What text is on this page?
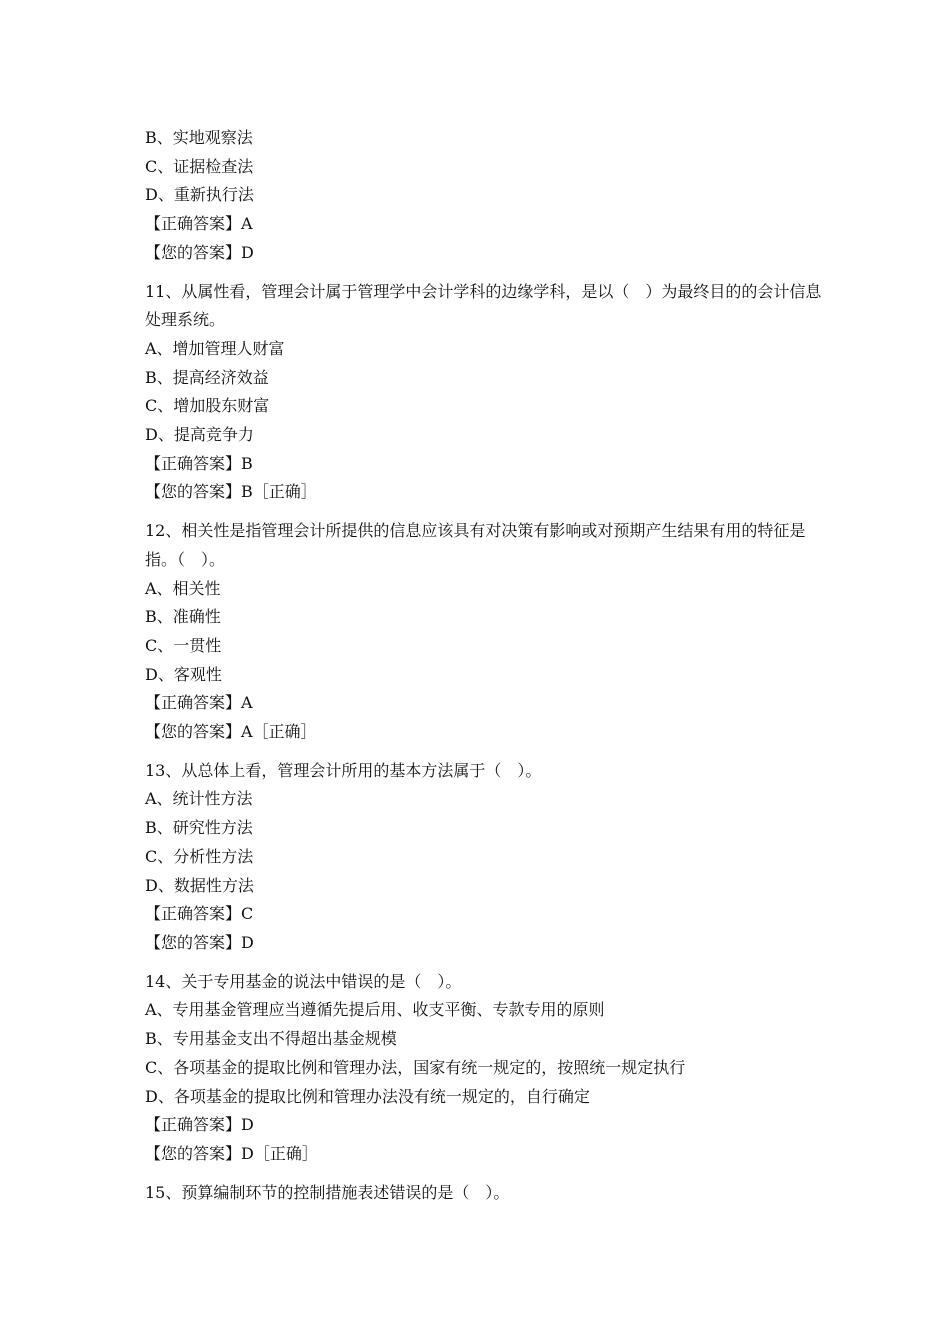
B、实地观察法
C、证据检查法
D、重新执行法
【正确答案】A
【您的答案】D
11、从属性看，管理会计属于管理学中会计学科的边缘学科，是以（　）为最终目的的会计信息处理系统。
A、增加管理人财富
B、提高经济效益
C、增加股东财富
D、提高竞争力
【正确答案】B
【您的答案】B［正确］
12、相关性是指管理会计所提供的信息应该具有对决策有影响或对预期产生结果有用的特征是指。（　）。
A、相关性
B、准确性
C、一贯性
D、客观性
【正确答案】A
【您的答案】A［正确］
13、从总体上看，管理会计所用的基本方法属于（　）。
A、统计性方法
B、研究性方法
C、分析性方法
D、数据性方法
【正确答案】C
【您的答案】D
14、关于专用基金的说法中错误的是（　）。
A、专用基金管理应当遵循先提后用、收支平衡、专款专用的原则
B、专用基金支出不得超出基金规模
C、各项基金的提取比例和管理办法，国家有统一规定的，按照统一规定执行
D、各项基金的提取比例和管理办法没有统一规定的，自行确定
【正确答案】D
【您的答案】D［正确］
15、预算编制环节的控制措施表述错误的是（　）。
